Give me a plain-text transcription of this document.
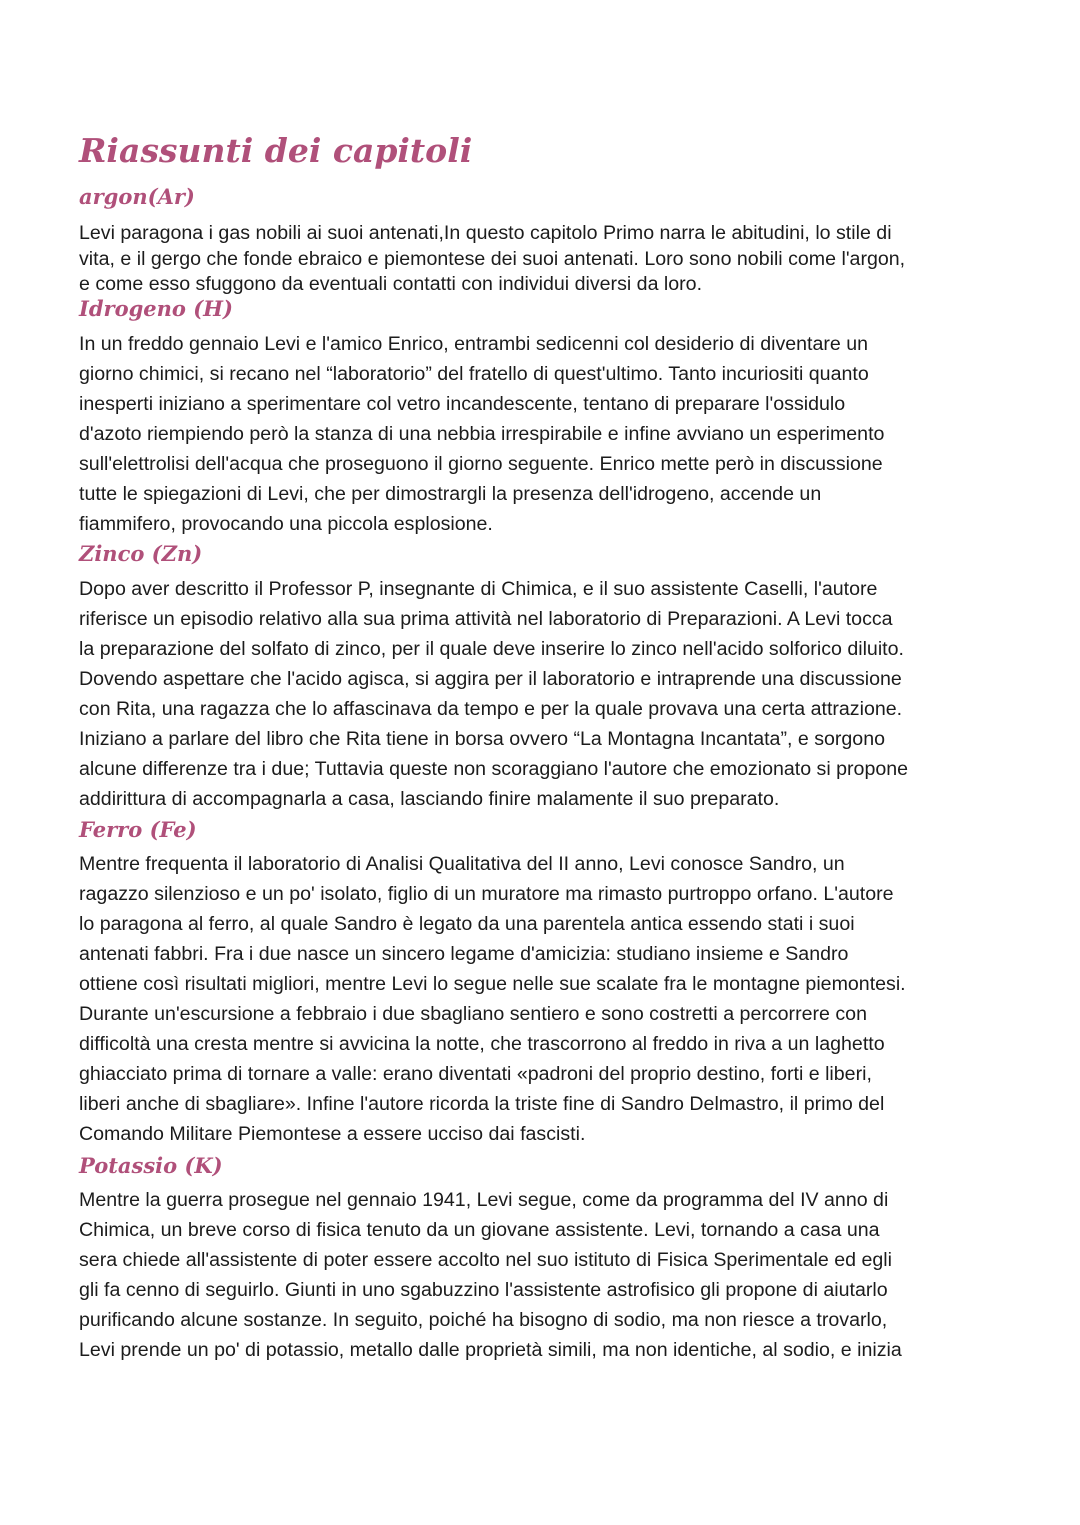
Riassunti dei capitoli
argon(Ar)

Levi paragona i gas nobili ai suoi antenati,In questo capitolo Primo narra le abitudini, lo stile di
vita, e il gergo che fonde ebraico e piemontese dei suoi antenati. Loro sono nobili come l'argon,
e come esso sfuggono da eventuali contatti con individui diversi da loro.

Idrogeno (H)

In un freddo gennaio Levi e l'amico Enrico, entrambi sedicenni col desiderio di diventare un
giorno chimici, si recano nel “laboratorio” del fratello di quest'ultimo. Tanto incuriositi quanto
inesperti iniziano a sperimentare col vetro incandescente, tentano di preparare l'ossidulo
d'azoto riempiendo però la stanza di una nebbia irrespirabile e infine avviano un esperimento
sull'elettrolisi dell'acqua che proseguono il giorno seguente. Enrico mette però in discussione
tutte le spiegazioni di Levi, che per dimostrargli la presenza dell'idrogeno, accende un
fiammifero, provocando una piccola esplosione.

Zinco (Zn)

Dopo aver descritto il Professor P, insegnante di Chimica, e il suo assistente Caselli, l'autore
riferisce un episodio relativo alla sua prima attività nel laboratorio di Preparazioni. A Levi tocca
la preparazione del solfato di zinco, per il quale deve inserire lo zinco nell'acido solforico diluito.
Dovendo aspettare che l'acido agisca, si aggira per il laboratorio e intraprende una discussione
con Rita, una ragazza che lo affascinava da tempo e per la quale provava una certa attrazione.
Iniziano a parlare del libro che Rita tiene in borsa ovvero “La Montagna Incantata”, e sorgono
alcune differenze tra i due; Tuttavia queste non scoraggiano l'autore che emozionato si propone
addirittura di accompagnarla a casa, lasciando finire malamente il suo preparato.

Ferro (Fe)

Mentre frequenta il laboratorio di Analisi Qualitativa del II anno, Levi conosce Sandro, un
ragazzo silenzioso e un po' isolato, figlio di un muratore ma rimasto purtroppo orfano. L'autore
lo paragona al ferro, al quale Sandro è legato da una parentela antica essendo stati i suoi
antenati fabbri. Fra i due nasce un sincero legame d'amicizia: studiano insieme e Sandro
ottiene così risultati migliori, mentre Levi lo segue nelle sue scalate fra le montagne piemontesi.
Durante un'escursione a febbraio i due sbagliano sentiero e sono costretti a percorrere con
difficoltà una cresta mentre si avvicina la notte, che trascorrono al freddo in riva a un laghetto
ghiacciato prima di tornare a valle: erano diventati «padroni del proprio destino, forti e liberi,
liberi anche di sbagliare». Infine l'autore ricorda la triste fine di Sandro Delmastro, il primo del
Comando Militare Piemontese a essere ucciso dai fascisti.

Potassio (K)

Mentre la guerra prosegue nel gennaio 1941, Levi segue, come da programma del IV anno di
Chimica, un breve corso di fisica tenuto da un giovane assistente. Levi, tornando a casa una
sera chiede all'assistente di poter essere accolto nel suo istituto di Fisica Sperimentale ed egli
gli fa cenno di seguirlo. Giunti in uno sgabuzzino l'assistente astrofisico gli propone di aiutarlo
purificando alcune sostanze. In seguito, poiché ha bisogno di sodio, ma non riesce a trovarlo,
Levi prende un po' di potassio, metallo dalle proprietà simili, ma non identiche, al sodio, e inizia
